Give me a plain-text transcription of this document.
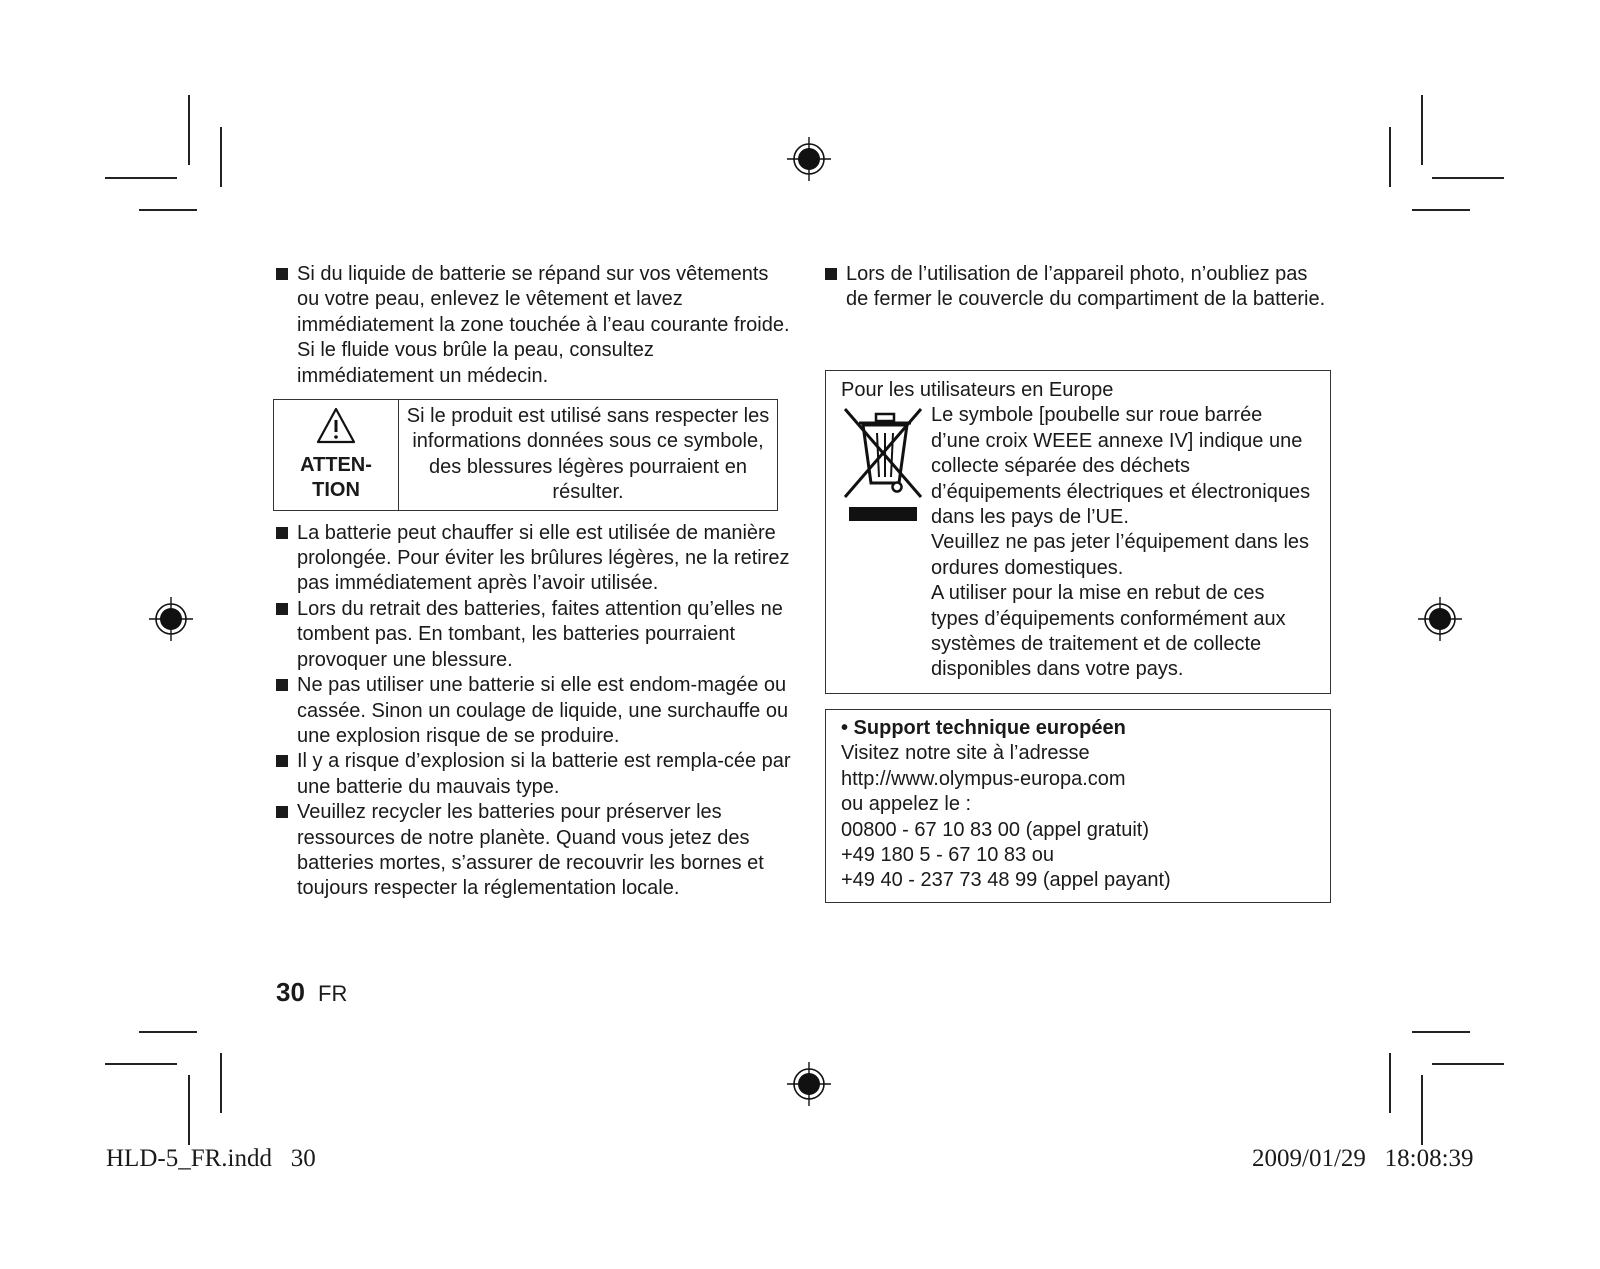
Si du liquide de batterie se répand sur vos vêtements ou votre peau, enlevez le vêtement et lavez immédiatement la zone touchée à l’eau courante froide. Si le fluide vous brûle la peau, consultez immédiatement un médecin.
ATTEN-
TION
	Si le produit est utilisé sans respecter les informations données sous ce symbole, des blessures légères pourraient en résulter.
La batterie peut chauffer si elle est utilisée de manière prolongée. Pour éviter les brûlures légères, ne la retirez pas immédiatement après l’avoir utilisée.
Lors du retrait des batteries, faites attention qu’elles ne tombent pas. En tombant, les batteries pourraient provoquer une blessure.
Ne pas utiliser une batterie si elle est endom-magée ou cassée. Sinon un coulage de liquide, une surchauffe ou une explosion risque de se produire.
Il y a risque d’explosion si la batterie est rempla-cée par une batterie du mauvais type.
Veuillez recycler les batteries pour préserver les ressources de notre planète. Quand vous jetez des batteries mortes, s’assurer de recouvrir les bornes et toujours respecter la réglementation locale.
Lors de l’utilisation de l’appareil photo, n’oubliez pas de fermer le couvercle du compartiment de la batterie.
Pour les utilisateurs en Europe
Le symbole [poubelle sur roue barrée d’une croix WEEE annexe IV] indique une collecte séparée des déchets d’équipements électriques et électroniques dans les pays de l’UE.
Veuillez ne pas jeter l’équipement dans les ordures domestiques.
A utiliser pour la mise en rebut de ces types d’équipements conformément aux systèmes de traitement et de collecte disponibles dans votre pays.
• Support technique européen
Visitez notre site à l’adresse
http://www.olympus-europa.com
ou appelez le :
00800 - 67 10 83 00 (appel gratuit)
+49 180 5 - 67 10 83 ou
+49 40 - 237 73 48 99 (appel payant)
30 FR
HLD-5_FR.indd   30	2009/01/29   18:08:39
